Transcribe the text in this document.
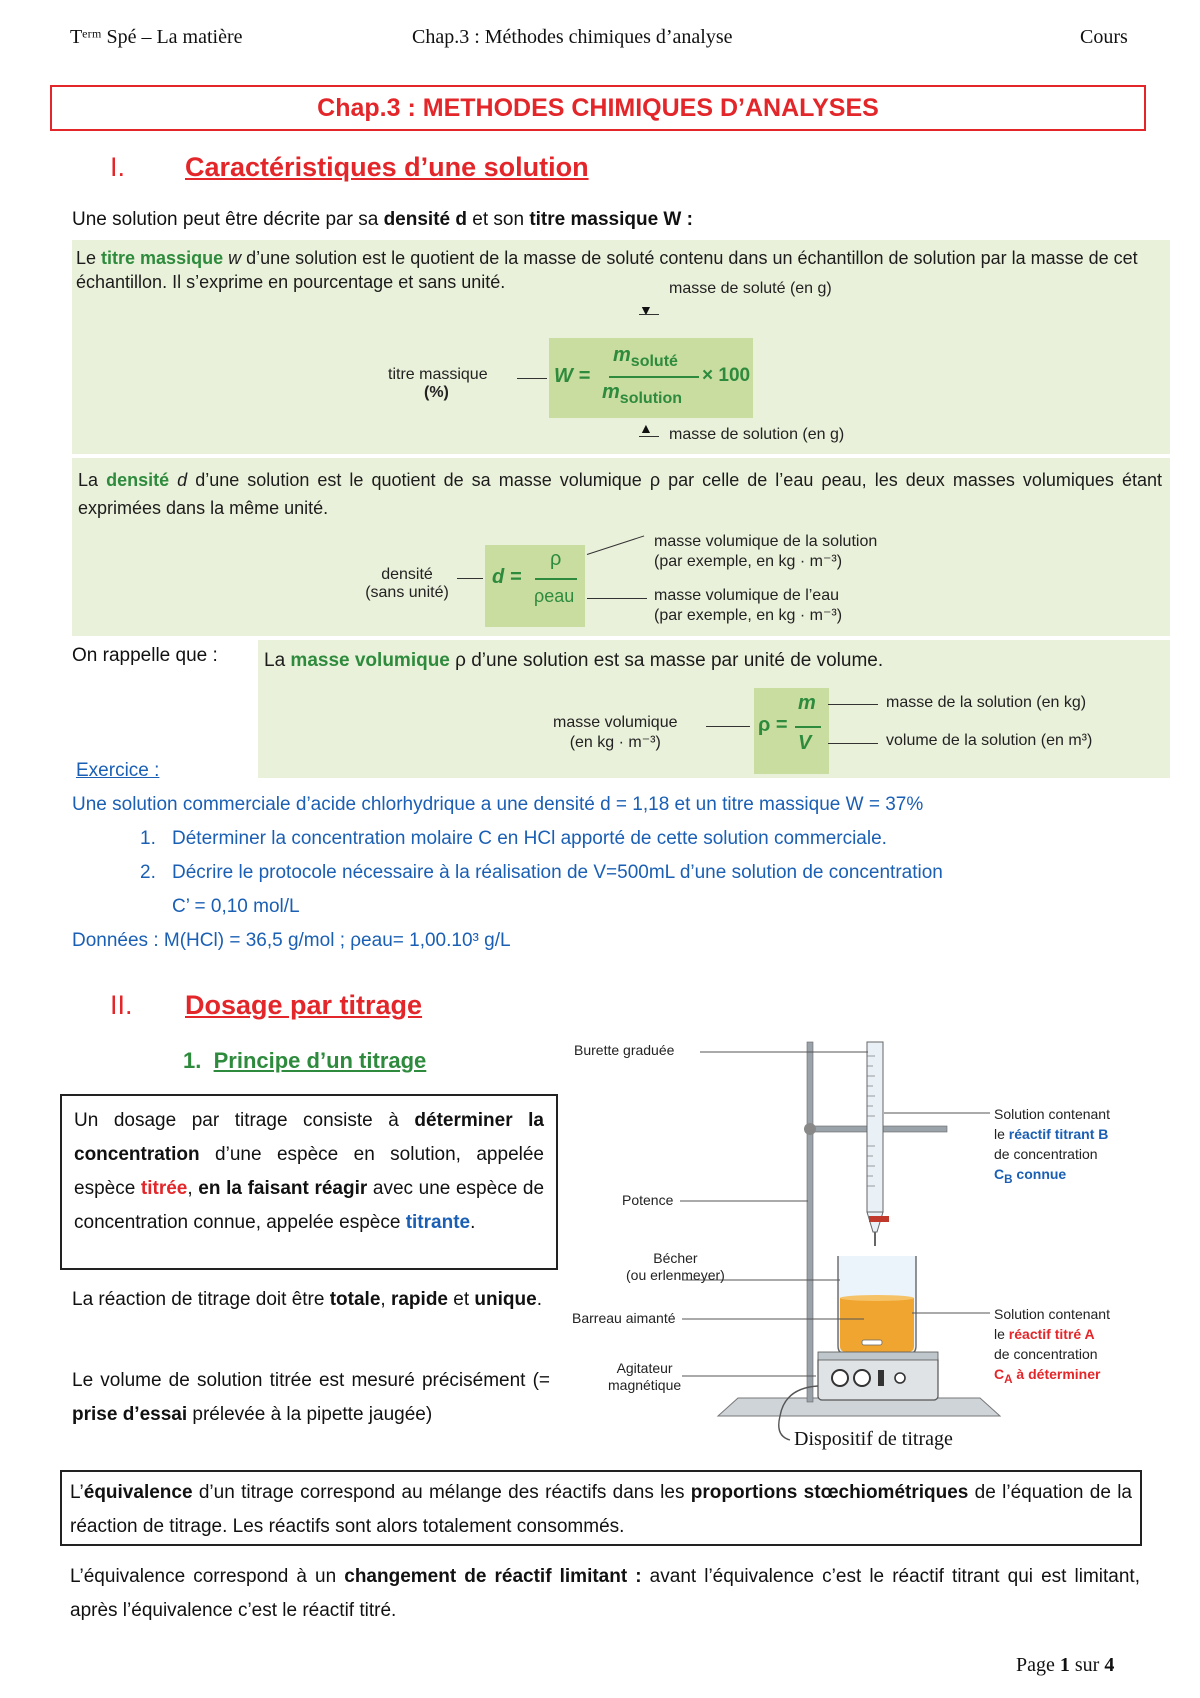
Tᵉʳᵐ Spé – La matière	Chap.3 : Méthodes chimiques d’analyse	Cours
Chap.3 : METHODES CHIMIQUES D’ANALYSES
I. Caractéristiques d’une solution
Une solution peut être décrite par sa densité d et son titre massique W :

Le titre massique w d’une solution est le quotient de la masse de soluté contenu dans un échantillon de solution par la masse de cet échantillon. Il s’exprime en pourcentage et sans unité.

titre massique
(%)
W =
$m_{soluté}$
$m_{solution}$
× 100
▼
masse de soluté (en g)
▲ masse de solution (en g)

La densité d d’une solution est le quotient de sa masse volumique ρ par celle de l’eau ρeau, les deux masses volumiques étant exprimées dans la même unité.

densité
(sans unité)
d =
ρ
ρeau
masse volumique de la solution
(par exemple, en kg · m⁻³)
masse volumique de l’eau
(par exemple, en kg · m⁻³)
On rappelle que : La masse volumique ρ d’une solution est sa masse par unité de volume.

masse volumique
(en kg · m⁻³)
ρ =
m
V
masse de la solution (en kg)
volume de la solution (en m³)
Exercice :
Une solution commerciale d’acide chlorhydrique a une densité d = 1,18 et un titre massique W = 37%
1. Déterminer la concentration molaire C en HCl apporté de cette solution commerciale.
2. Décrire le protocole nécessaire à la réalisation de V=500mL d’une solution de concentration
C’ = 0,10 mol/L
Données : M(HCl) = 36,5 g/mol ; ρeau= 1,00.10³ g/L
II. Dosage par titrage
1. Principe d’un titrage
Un dosage par titrage consiste à déterminer la concentration d’une espèce en solution, appelée espèce titrée, en la faisant réagir avec une espèce de concentration connue, appelée espèce titrante.
La réaction de titrage doit être totale, rapide et unique.
Le volume de solution titrée est mesuré précisément (= prise d’essai prélevée à la pipette jaugée)
Burette graduée
Potence
Bécher
(ou erlenmeyer)
Barreau aimanté
Agitateur
magnétique
Solution contenant
le réactif titrant B
de concentration
$C_B$ connue
Solution contenant
le réactif titré A
de concentration
$C_A$ à déterminer
Dispositif de titrage
L’équivalence d’un titrage correspond au mélange des réactifs dans les proportions stœchiométriques de l’équation de la réaction de titrage. Les réactifs sont alors totalement consommés.
L’équivalence correspond à un changement de réactif limitant : avant l’équivalence c’est le réactif titrant qui est limitant, après l’équivalence c’est le réactif titré.
Page 1 sur 4
